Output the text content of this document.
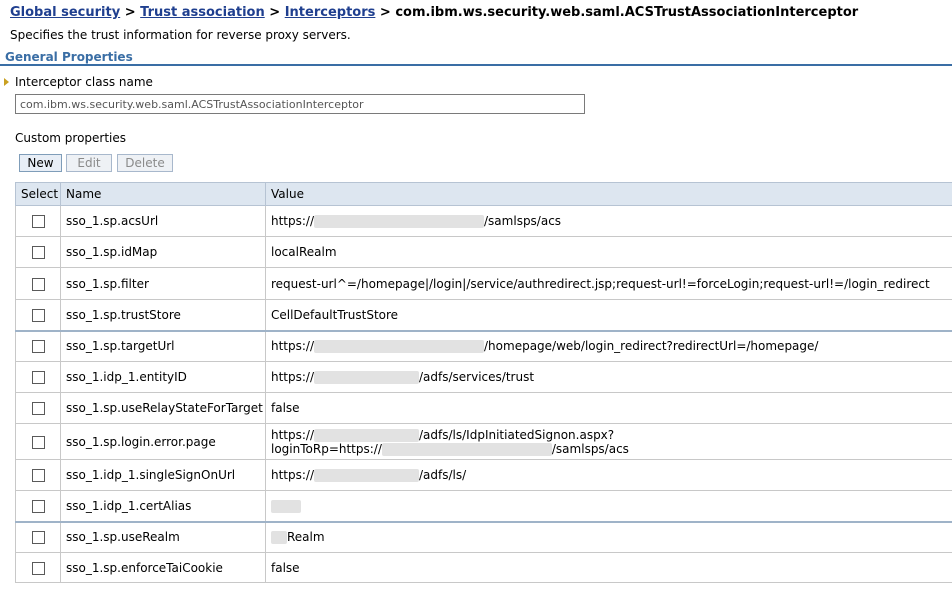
Global security > Trust association > Interceptors > com.ibm.ws.security.web.saml.ACSTrustAssociationInterceptor
Specifies the trust information for reverse proxy servers.
General Properties
Interceptor class name
com.ibm.ws.security.web.saml.ACSTrustAssociationInterceptor
Custom properties
New	Edit	Delete
Select	Name	Value
	sso_1.sp.acsUrl	https:// /samlsps/acs

	sso_1.sp.idMap	localRealm

	sso_1.sp.filter	request-url^=/homepage|/login|/service/authredirect.jsp;request-url!=forceLogin;request-url!=/login_redirect

	sso_1.sp.trustStore	CellDefaultTrustStore

	sso_1.sp.targetUrl	https:// /homepage/web/login_redirect?redirectUrl=/homepage/

	sso_1.idp_1.entityID	https:// /adfs/services/trust

	sso_1.sp.useRelayStateForTarget	false

	sso_1.sp.login.error.page	https:// /adfs/ls/IdpInitiatedSignon.aspx?
loginToRp=https:// /samlsps/acs

	sso_1.idp_1.singleSignOnUrl	https:// /adfs/ls/

	sso_1.idp_1.certAlias	
	sso_1.sp.useRealm	Realm

	sso_1.sp.enforceTaiCookie	false
